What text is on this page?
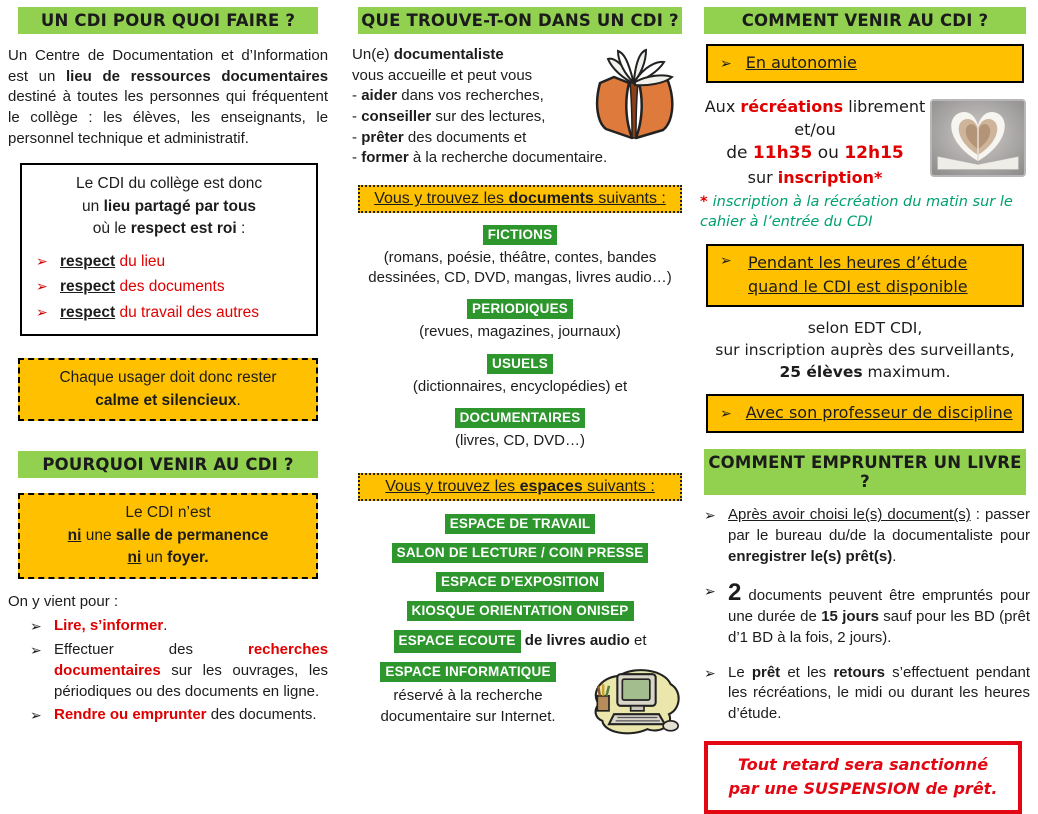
UN CDI POUR QUOI FAIRE ?

Un Centre de Documentation et d’Information est un lieu de ressources documentaires destiné à toutes les personnes qui fréquentent le collège : les élèves, les enseignants, le personnel technique et administratif.

Le CDI du collège est donc
un lieu partagé par tous
où le respect est roi :
➢ respect du lieu
➢ respect des documents
➢ respect du travail des autres
Chaque usager doit donc rester
calme et silencieux.
POURQUOI VENIR AU CDI ?
Le CDI n’est
ni une salle de permanence
ni un foyer.

On y vient pour :

➢ Lire, s’informer.
➢ Effectuer des recherches documentaires sur les ouvrages, les périodiques ou des documents en ligne.
➢ Rendre ou emprunter des documents.
QUE TROUVE-T-ON DANS UN CDI ?
Un(e) documentaliste
vous accueille et peut vous
- aider dans vos recherches,
- conseiller sur des lectures,
- prêter des documents et
- former à la recherche documentaire.
Vous y trouvez les documents suivants :
FICTIONS
(romans, poésie, théâtre, contes, bandes dessinées, CD, DVD, mangas, livres audio…)
PERIODIQUES
(revues, magazines, journaux)
USUELS
(dictionnaires, encyclopédies) et
DOCUMENTAIRES
(livres, CD, DVD…)
Vous y trouvez les espaces suivants :
ESPACE DE TRAVAIL
SALON DE LECTURE / COIN PRESSE
ESPACE D’EXPOSITION
KIOSQUE ORIENTATION ONISEP
ESPACE ECOUTE de livres audio et
ESPACE INFORMATIQUE
réservé à la recherche
documentaire sur Internet.
COMMENT VENIR AU CDI ?
➢ En autonomie
Aux récréations librement
et/ou
de 11h35 ou 12h15
sur inscription*

* inscription à la récréation du matin sur le cahier à l’entrée du CDI

➢	Pendant les heures d’étude quand le CDI est disponible
selon EDT CDI,
sur inscription auprès des surveillants,
25 élèves maximum.
➢ Avec son professeur de discipline
COMMENT EMPRUNTER UN LIVRE ?
➢ Après avoir choisi le(s) document(s) : passer par le bureau du/de la documentaliste pour enregistrer le(s) prêt(s).
➢ 2 documents peuvent être empruntés pour une durée de 15 jours sauf pour les BD (prêt d’1 BD à la fois, 2 jours).
➢ Le prêt et les retours s’effectuent pendant les récréations, le midi ou durant les heures d’étude.
Tout retard sera sanctionné
par une SUSPENSION de prêt.
